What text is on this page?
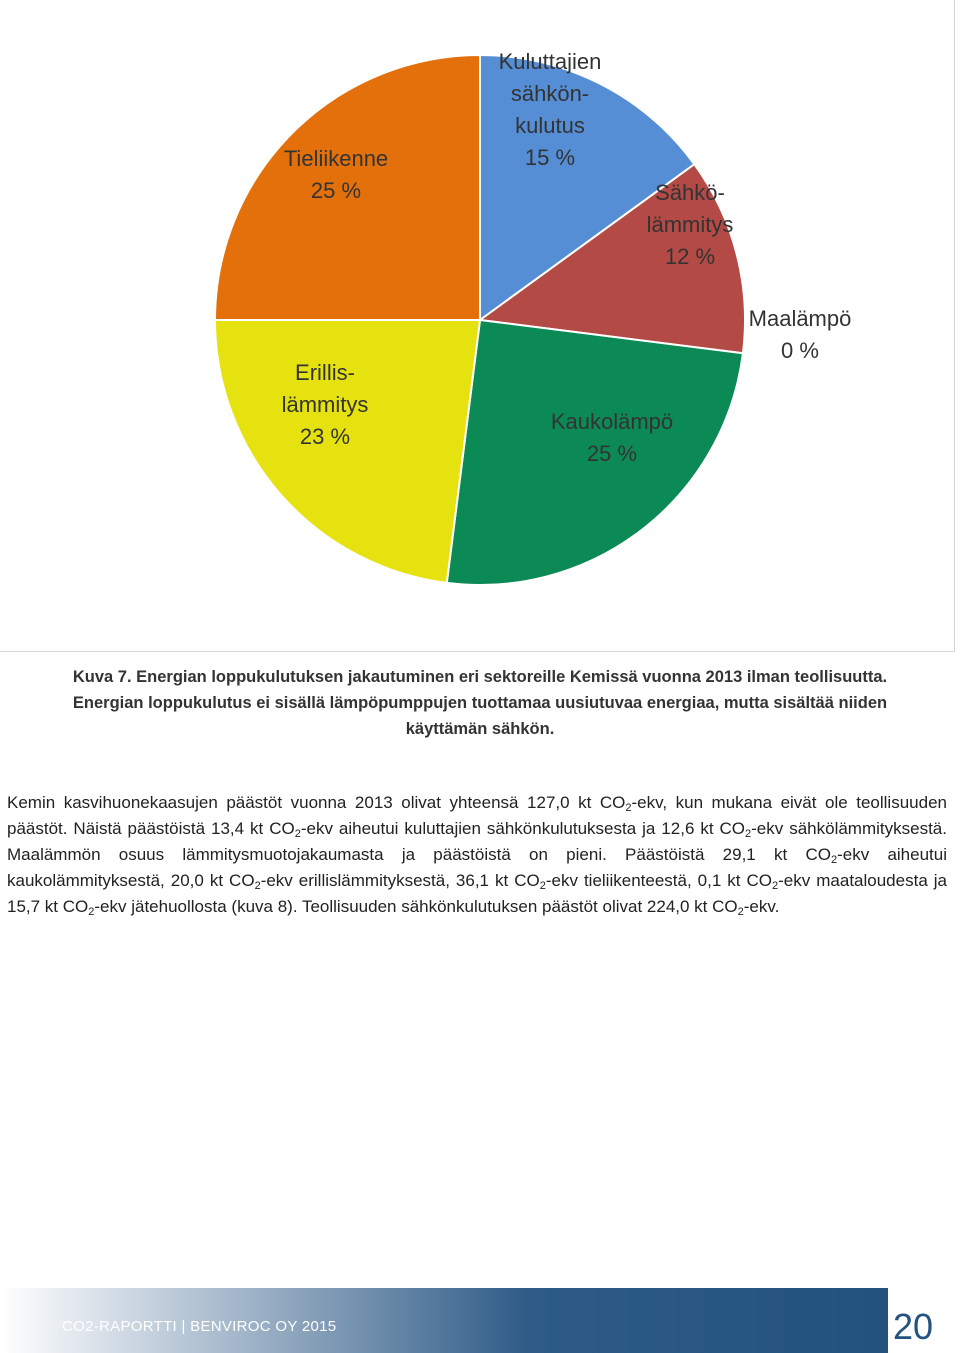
Kuluttajien
sähkön-
kulutus
15 %
Sähkö-
lämmitys
12 %
Maalämpö
0 %
Kaukolämpö
25 %
Erillis-
lämmitys
23 %
Tieliikenne
25 %
Kuva 7. Energian loppukulutuksen jakautuminen eri sektoreille Kemissä vuonna 2013 ilman teollisuutta.
Energian loppukulutus ei sisällä lämpöpumppujen tuottamaa uusiutuvaa energiaa, mutta sisältää niiden
käyttämän sähkön.
Kemin kasvihuonekaasujen päästöt vuonna 2013 olivat yhteensä 127,0 kt $CO_2$-ekv, kun mukana eivät ole teollisuuden päästöt. Näistä päästöistä 13,4 kt $CO_2$-ekv aiheutui kuluttajien sähkönkulutuksesta ja 12,6 kt $CO_2$-ekv sähkölämmityksestä. Maalämmön osuus lämmitysmuotojakaumasta ja päästöistä on pieni. Päästöistä 29,1 kt $CO_2$-ekv aiheutui kaukolämmityksestä, 20,0 kt $CO_2$-ekv erillislämmityksestä, 36,1 kt $CO_2$-ekv tieliikenteestä, 0,1 kt $CO_2$-ekv maataloudesta ja 15,7 kt $CO_2$-ekv jätehuollosta (kuva 8). Teollisuuden sähkönkulutuksen päästöt olivat 224,0 kt $CO_2$-ekv.
CO2-RAPORTTI | BENVIROC OY 2015	20
